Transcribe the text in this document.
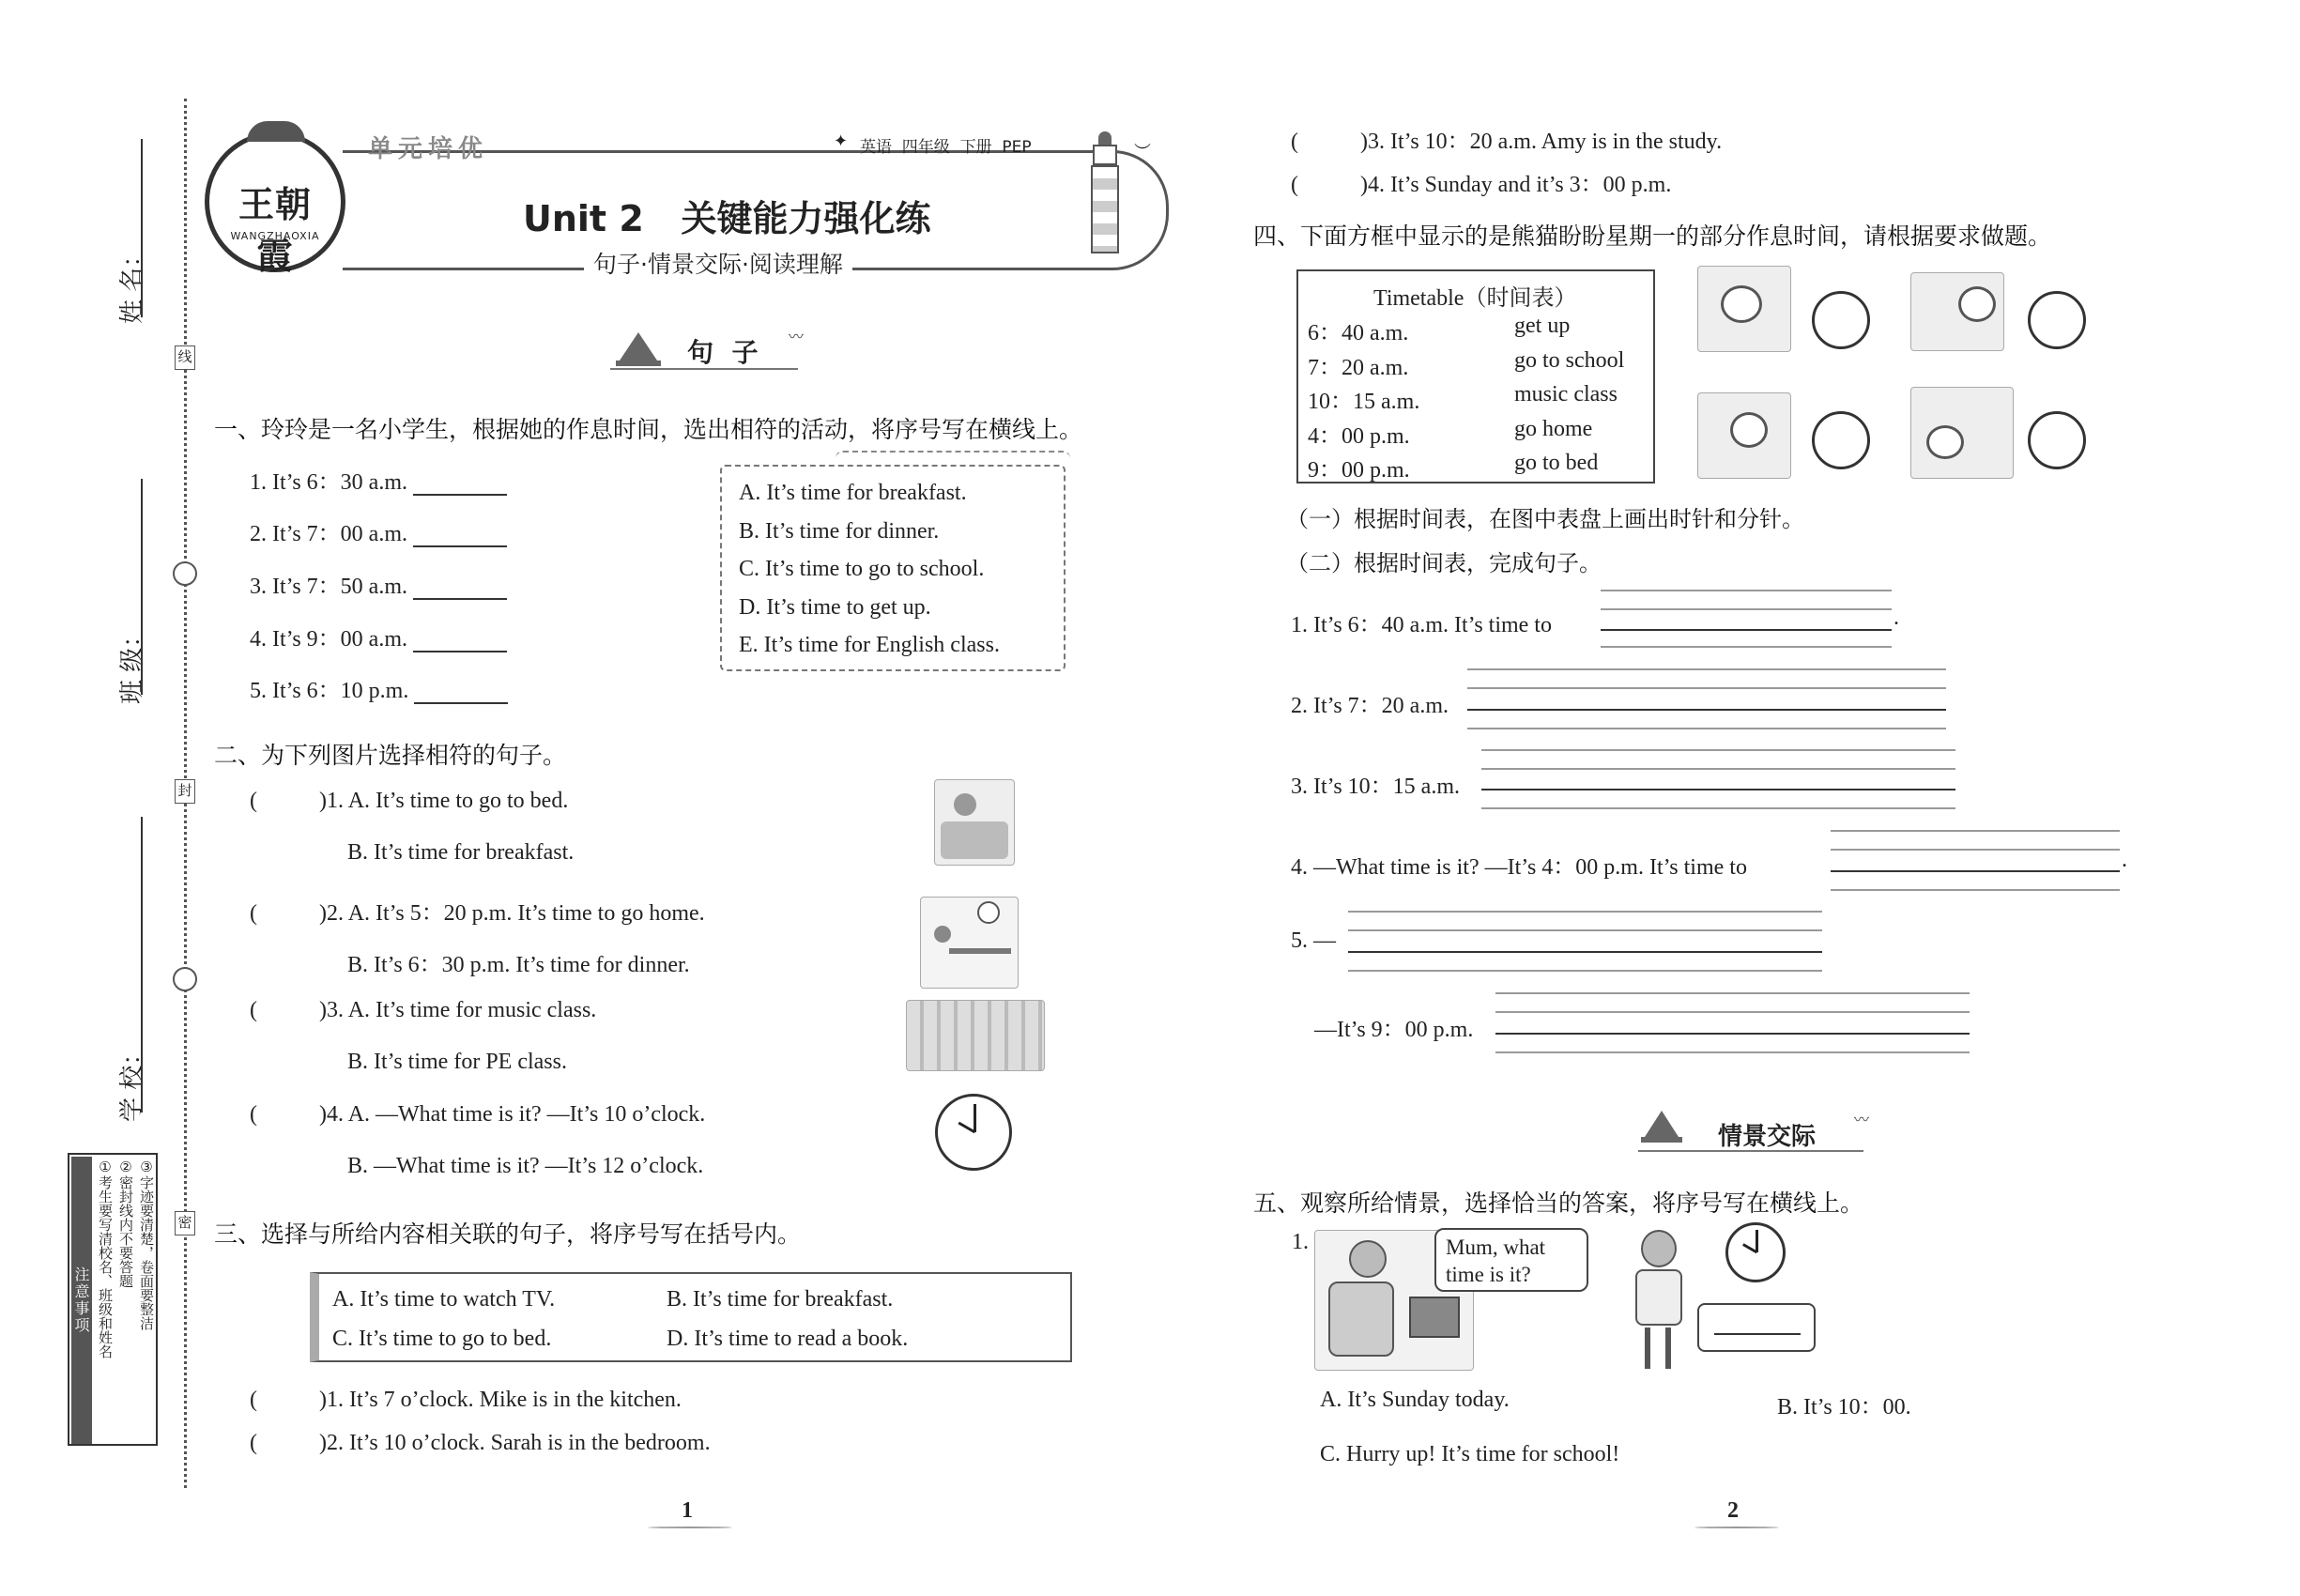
姓 名：
班 级：
学 校：
线
封
密
注意事项 ①考生要写清校名、班级和姓名 ②密封线内不要答题 ③字迹要清楚，卷面要整洁
王朝霞
WANGZHAOXIA
单元培优	✦ 英语  四年级  下册  PEP	︶
Unit 2   关键能力强化练
句子·情景交际·阅读理解
句  子
〰
一、玲玲是一名小学生，根据她的作息时间，选出相符的活动，将序号写在横线上。
1. It’s 6：30 a.m.
2. It’s 7：00 a.m.
3. It’s 7：50 a.m.
4. It’s 9：00 a.m.
5. It’s 6：10 p.m.
A. It’s time for breakfast.
B. It’s time for dinner.
C. It’s time to go to school.
D. It’s time to get up.
E. It’s time for English class.
二、为下列图片选择相符的句子。
(	)1. A. It’s time to go to bed.
B. It’s time for breakfast.
(	)2. A. It’s 5：20 p.m. It’s time to go home.
B. It’s 6：30 p.m. It’s time for dinner.
(	)3. A. It’s time for music class.
B. It’s time for PE class.
(	)4. A. —What time is it? —It’s 10 o’clock.
B. —What time is it? —It’s 12 o’clock.
三、选择与所给内容相关联的句子，将序号写在括号内。
A. It’s time to watch TV.	B. It’s time for breakfast.
C. It’s time to go to bed.	D. It’s time to read a book.
(	)1. It’s 7 o’clock. Mike is in the kitchen.
(	)2. It’s 10 o’clock. Sarah is in the bedroom.
1
(	)3. It’s 10：20 a.m. Amy is in the study.
(	)4. It’s Sunday and it’s 3：00 p.m.
四、下面方框中显示的是熊猫盼盼星期一的部分作息时间，请根据要求做题。
Timetable（时间表）
6：40 a.m.	get up
7：20 a.m.	go to school
10：15 a.m.	music class
4：00 p.m.	go home
9：00 p.m.	go to bed
（一）根据时间表，在图中表盘上画出时针和分针。
（二）根据时间表，完成句子。
1. It’s 6：40 a.m. It’s time to	.
2. It’s 7：20 a.m.
3. It’s 10：15 a.m.
4. —What time is it? —It’s 4：00 p.m. It’s time to	.
5. —
—It’s 9：00 p.m.
情景交际
〰
五、观察所给情景，选择恰当的答案，将序号写在横线上。
1.	Mum, what time is it?
A. It’s Sunday today.	B. It’s 10：00.
C. Hurry up! It’s time for school!
2
